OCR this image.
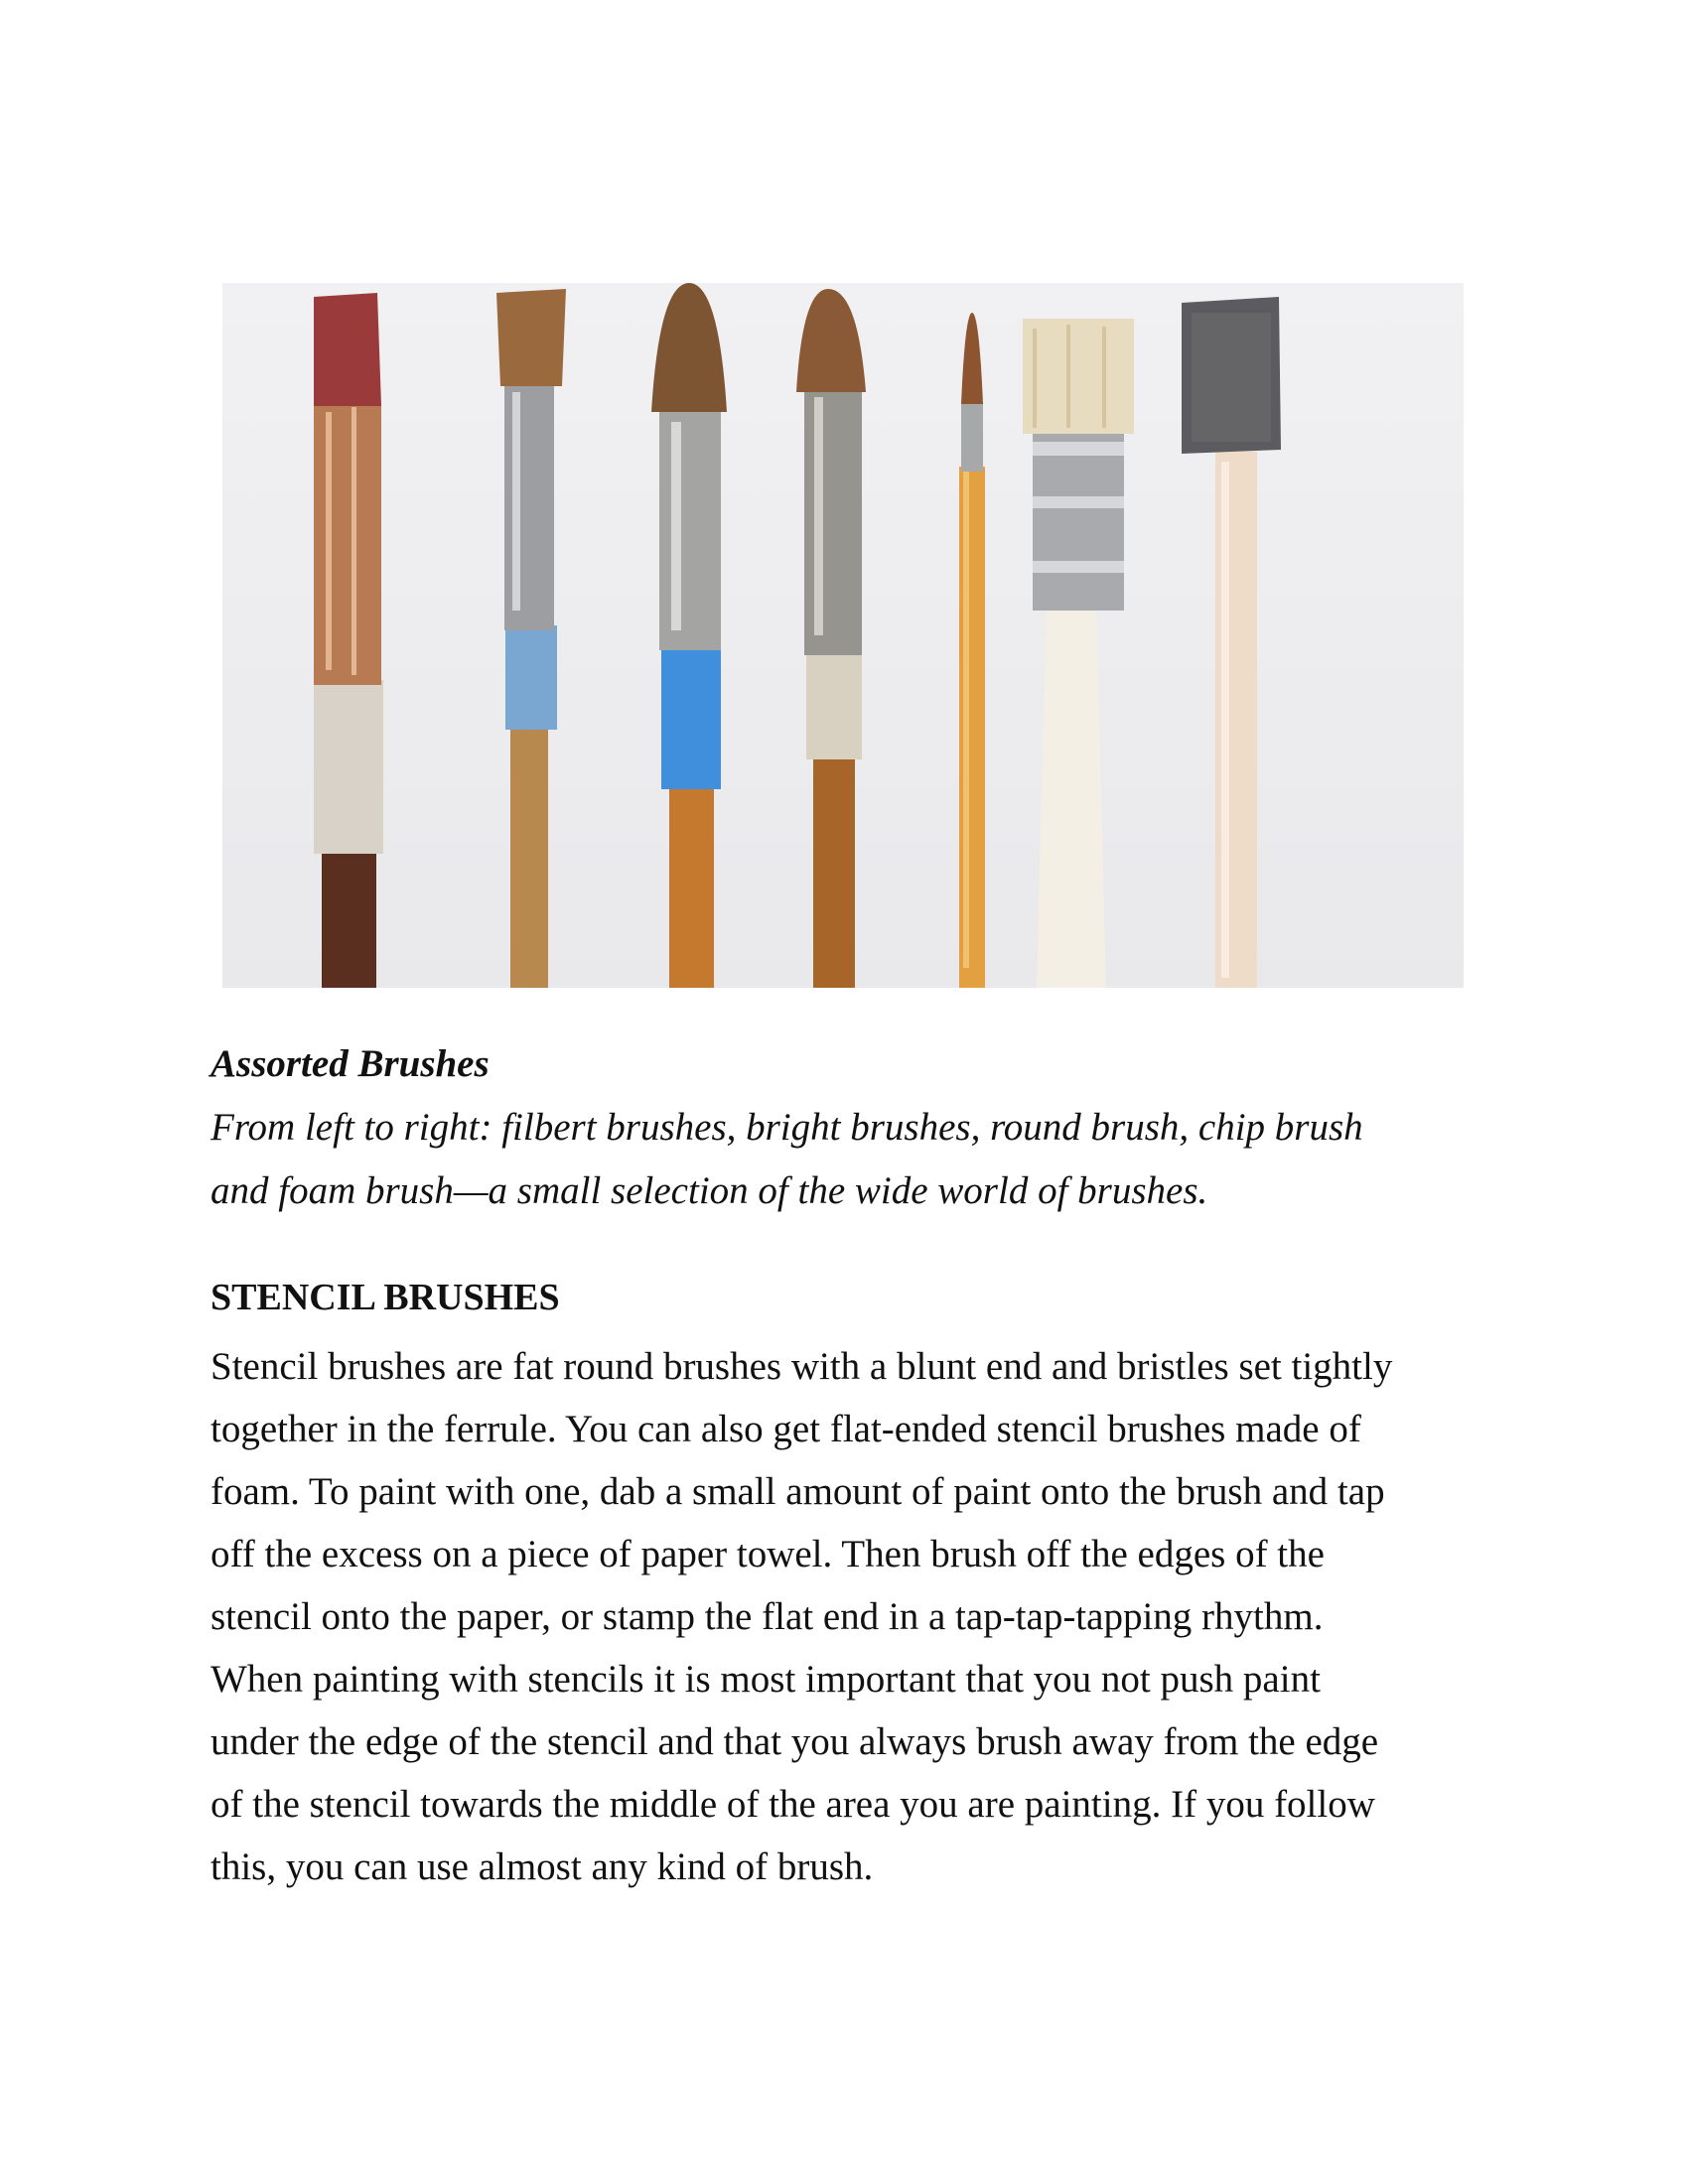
Assorted Brushes
From left to right: filbert brushes, bright brushes, round brush, chip brush
and foam brush—a small selection of the wide world of brushes.
STENCIL BRUSHES

Stencil brushes are fat round brushes with a blunt end and bristles set tightly
together in the ferrule. You can also get flat-ended stencil brushes made of
foam. To paint with one, dab a small amount of paint onto the brush and tap
off the excess on a piece of paper towel. Then brush off the edges of the
stencil onto the paper, or stamp the flat end in a tap-tap-tapping rhythm.
When painting with stencils it is most important that you not push paint
under the edge of the stencil and that you always brush away from the edge
of the stencil towards the middle of the area you are painting. If you follow
this, you can use almost any kind of brush.
